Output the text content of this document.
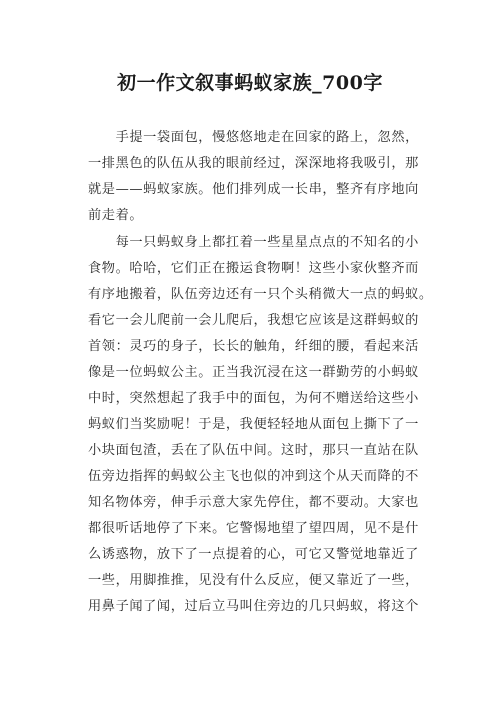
初一作文叙事蚂蚁家族_700字
　　手提一袋面包，慢悠悠地走在回家的路上，忽然，
一排黑色的队伍从我的眼前经过，深深地将我吸引，那
就是——蚂蚁家族。他们排列成一长串，整齐有序地向
前走着。
　　每一只蚂蚁身上都扛着一些星星点点的不知名的小
食物。哈哈，它们正在搬运食物啊！这些小家伙整齐而
有序地搬着，队伍旁边还有一只个头稍微大一点的蚂蚁。
看它一会儿爬前一会儿爬后，我想它应该是这群蚂蚁的
首领：灵巧的身子，长长的触角，纤细的腰，看起来活
像是一位蚂蚁公主。正当我沉浸在这一群勤劳的小蚂蚁
中时，突然想起了我手中的面包，为何不赠送给这些小
蚂蚁们当奖励呢！于是，我便轻轻地从面包上撕下了一
小块面包渣，丢在了队伍中间。这时，那只一直站在队
伍旁边指挥的蚂蚁公主飞也似的冲到这个从天而降的不
知名物体旁，伸手示意大家先停住，都不要动。大家也
都很听话地停了下来。它警惕地望了望四周，见不是什
么诱惑物，放下了一点提着的心，可它又警觉地靠近了
一些，用脚推推，见没有什么反应，便又靠近了一些，
用鼻子闻了闻，过后立马叫住旁边的几只蚂蚁，将这个
